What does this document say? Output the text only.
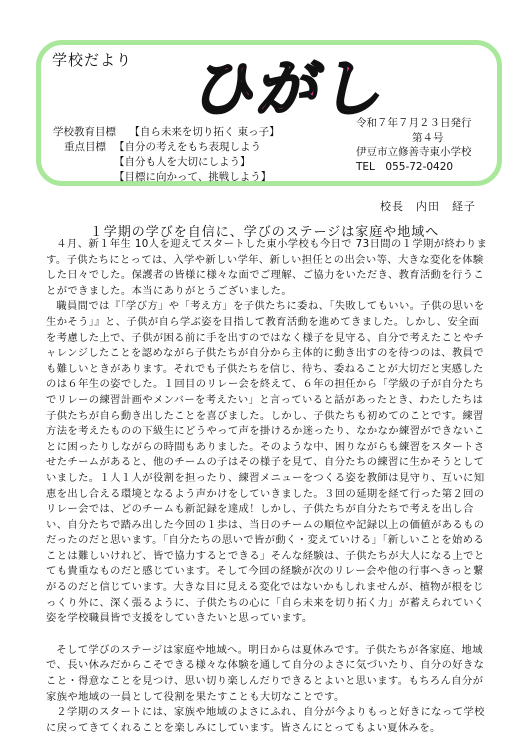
学校だより ひがし
学校教育目標 【自ら未来を切り拓く 東っ子】
重点目標 【自分の考えをもち表現しよう
【自分も人を大切にしよう】
【目標に向かって、挑戦しよう】
令和７年７月２３日発行
第４号
伊豆市立修善寺東小学校
TEL　055-72-0420
校長　内田　経子
１学期の学びを自信に、学びのステージは家庭や地域へ

４月、新１年生 10人を迎えてスタートした東小学校も今日で 73日間の１学期が終わります。子供たちにとっては、入学や新しい学年、新しい担任との出会い等、大きな変化を体験した日々でした。保護者の皆様に様々な面でご理解、ご協力をいただき、教育活動を行うことができました。本当にありがとうございました。

職員間では『「学び方」や「考え方」を子供たちに委ね、「失敗してもいい。子供の思いを生かそう」』と、子供が自ら学ぶ姿を目指して教育活動を進めてきました。しかし、安全面を考慮した上で、子供が困る前に手を出すのではなく様子を見守る、自分で考えたことやチャレンジしたことを認めながら子供たちが自分から主体的に動き出すのを待つのは、教員でも難しいときがあります。それでも子供たちを信じ、待ち、委ねることが大切だと実感したのは６年生の姿でした。１回目のリレー会を終えて、６年の担任から「学級の子が自分たちでリレーの練習計画やメンバーを考えたい」と言っていると話があったとき、わたしたちは子供たちが自ら動き出したことを喜びました。しかし、子供たちも初めてのことです。練習方法を考えたものの下級生にどうやって声を掛けるか迷ったり、なかなか練習ができないことに困ったりしながらの時間もありました。そのような中、困りながらも練習をスタートさせたチームがあると、他のチームの子はその様子を見て、自分たちの練習に生かそうとしていました。１人１人が役割を担ったり、練習メニューをつくる姿を教師は見守り、互いに知恵を出し合える環境となるよう声かけをしていきました。３回の延期を経て行った第２回のリレー会では、どのチームも新記録を達成！しかし、子供たちが自分たちで考えを出し合い、自分たちで踏み出した今回の１歩は、当日のチームの順位や記録以上の価値があるものだったのだと思います。「自分たちの思いで皆が動く・変えていける」「新しいことを始めることは難しいけれど、皆で協力するとできる」そんな経験は、子供たちが大人になる上でとても貴重なものだと感じています。そして今回の経験が次のリレー会や他の行事へきっと繋がるのだと信じています。大きな目に見える変化ではないかもしれませんが、植物が根をじっくり外に、深く張るように、子供たちの心に「自ら未来を切り拓く力」が蓄えられていく姿を学校職員皆で支援をしていきたいと思っています。

そして学びのステージは家庭や地域へ。明日からは夏休みです。子供たちが各家庭、地域で、長い休みだからこそできる様々な体験を通して自分のよさに気づいたり、自分の好きなこと・得意なことを見つけ、思い切り楽しんだりできるとよいと思います。もちろん自分が家族や地域の一員として役割を果たすことも大切なことです。

２学期のスタートには、家族や地域のよさにふれ、自分が今よりもっと好きになって学校に戻ってきてくれることを楽しみにしています。皆さんにとってもよい夏休みを。
